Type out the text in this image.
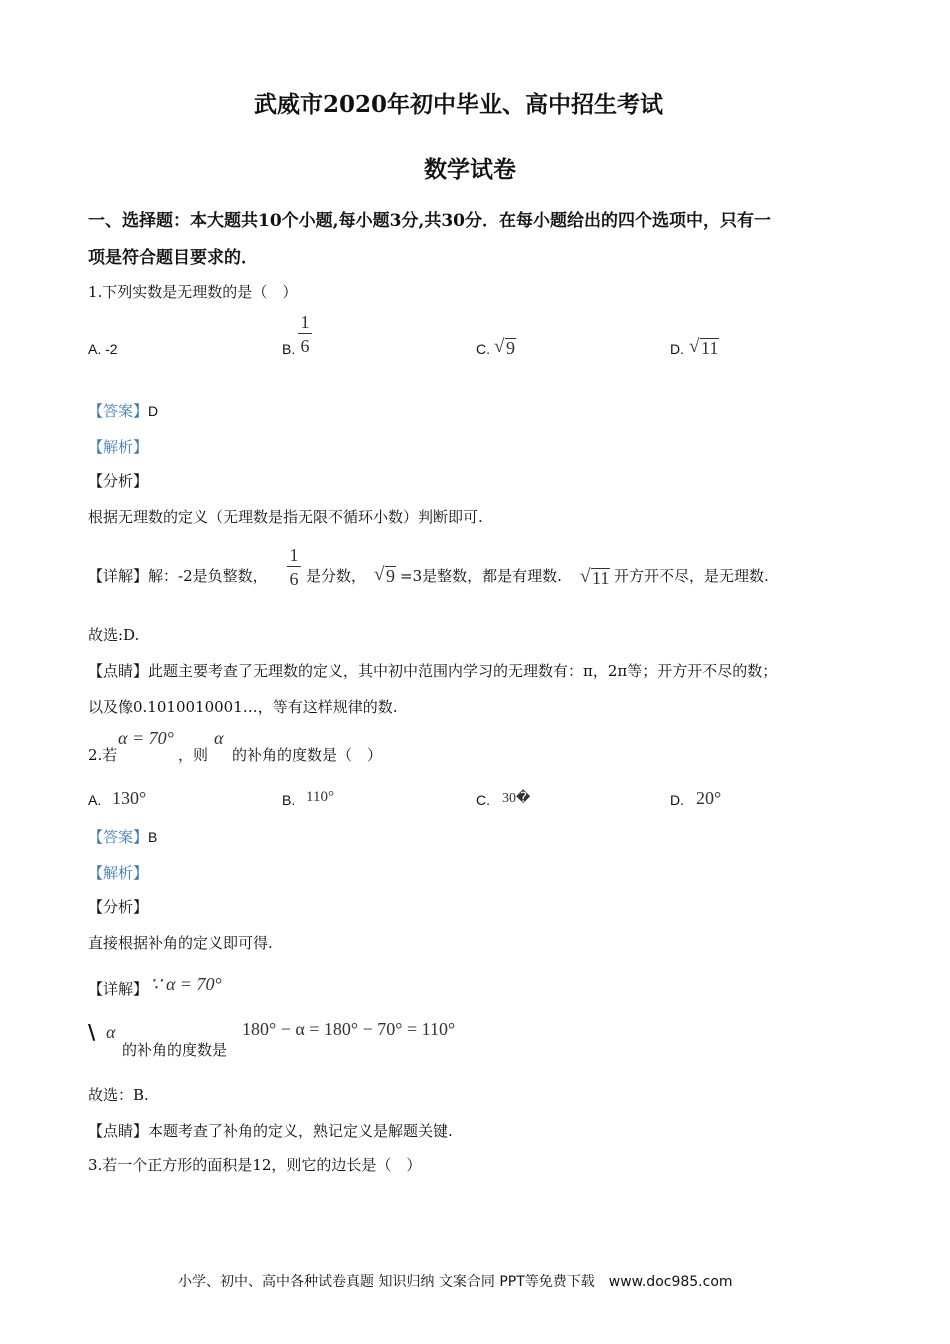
武威市2020年初中毕业、高中招生考试
数学试卷
一、选择题：本大题共10个小题,每小题3分,共30分．在每小题给出的四个选项中，只有一
项是符合题目要求的．
1.下列实数是无理数的是（　）
A. -2	B. $\frac{1}{6}$	C. √ 9	D. √ 11
【答案】D
【解析】
【分析】
根据无理数的定义（无理数是指无限不循环小数）判断即可.
【详解】解：-2是负整数， $\frac{1}{6}$ 是分数， √ 9 =3是整数，都是有理数. √ 11 开方开不尽，是无理数.
故选:D.
【点睛】此题主要考查了无理数的定义，其中初中范围内学习的无理数有：π，2π等；开方开不尽的数；
以及像0.1010010001…，等有这样规律的数.
2.若
α = 70°
，则
α
的补角的度数是（　）
A. 130°	B. 110°	C. 30�	D. 20°
【答案】B
【解析】
【分析】
直接根据补角的定义即可得.
【详解】 ∵ α = 70°
\ α
的补角的度数是
180° − α = 180° − 70° = 110°
故选：B.
【点睛】本题考查了补角的定义，熟记定义是解题关键.
3.若一个正方形的面积是12，则它的边长是（　）
小学、初中、高中各种试卷真题 知识归纳 文案合同 PPT等免费下载　www.doc985.com
